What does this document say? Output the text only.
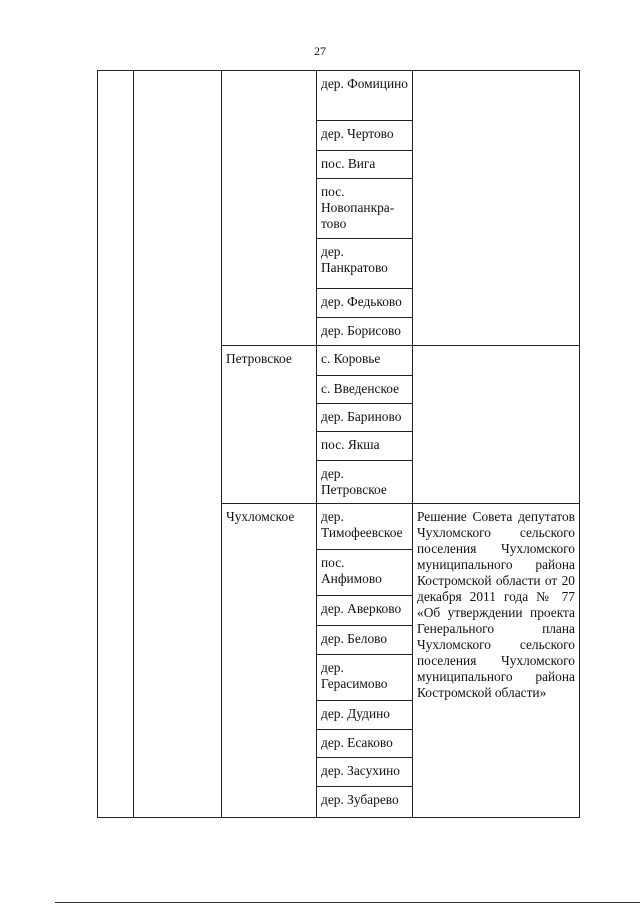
27
			дер. Фомицино	

			дер. Чертово	
			пос. Вига	
			пос. Новопанкра-тово	
			дер. Панкратово	
			дер. Федьково	
			дер. Борисово	
		Петровское	с. Коровье	

			с. Введенское	
			дер. Бариново	
			пос. Якша	
			дер. Петровское	
		Чухломское	дер. Тимофеевское	Решение Совета депутатов Чухломского сельского поселения Чухломского муниципального района Костромской области от 20 декабря 2011 года № 77 «Об утверждении проекта Генерального плана Чухломского сельского поселения Чухломского муниципального района Костромской области»

			пос. Анфимово	
			дер. Аверково	
			дер. Белово	
			дер. Герасимово	
			дер. Дудино	
			дер. Есаково	
			дер. Засухино	
			дер. Зубарево	
